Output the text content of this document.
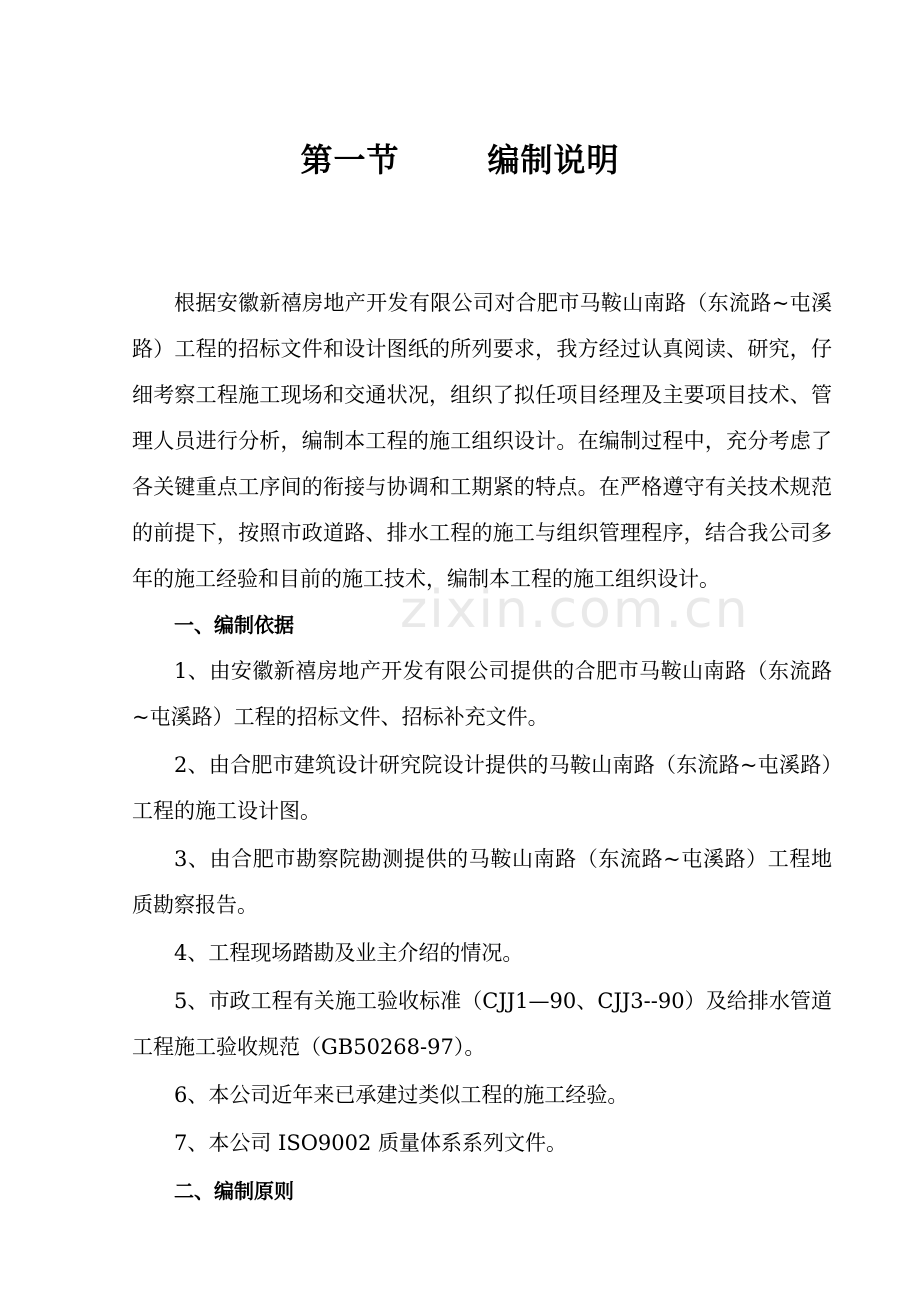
zixin.com.cn
第一节	编制说明

根据安徽新禧房地产开发有限公司对合肥市马鞍山南路（东流路~屯溪路）工程的招标文件和设计图纸的所列要求，我方经过认真阅读、研究，仔细考察工程施工现场和交通状况，组织了拟任项目经理及主要项目技术、管理人员进行分析，编制本工程的施工组织设计。在编制过程中，充分考虑了各关键重点工序间的衔接与协调和工期紧的特点。在严格遵守有关技术规范的前提下，按照市政道路、排水工程的施工与组织管理程序，结合我公司多年的施工经验和目前的施工技术，编制本工程的施工组织设计。

一、编制依据

1、由安徽新禧房地产开发有限公司提供的合肥市马鞍山南路（东流路~屯溪路）工程的招标文件、招标补充文件。

2、由合肥市建筑设计研究院设计提供的马鞍山南路（东流路~屯溪路）工程的施工设计图。

3、由合肥市勘察院勘测提供的马鞍山南路（东流路~屯溪路）工程地质勘察报告。

4、工程现场踏勘及业主介绍的情况。

5、市政工程有关施工验收标准（CJJ1—90、CJJ3--90）及给排水管道工程施工验收规范（GB50268-97）。

6、本公司近年来已承建过类似工程的施工经验。

7、本公司 ISO9002 质量体系系列文件。

二、编制原则
